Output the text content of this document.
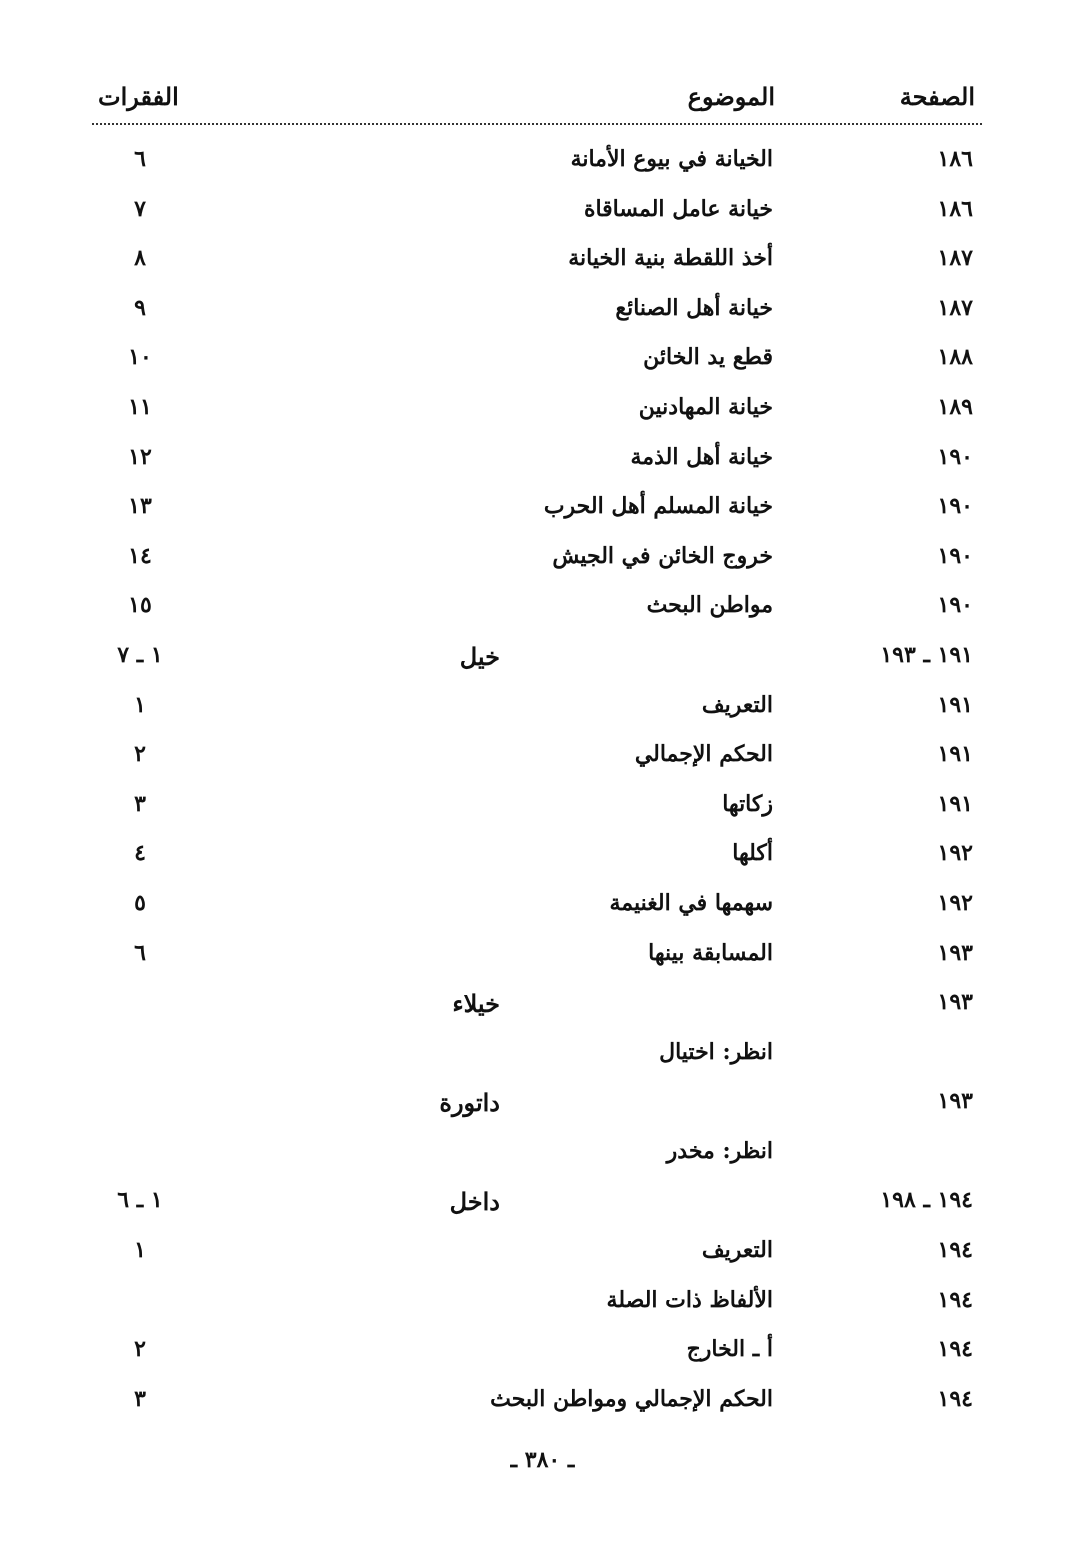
الصفحة
الموضوع
الفقرات
١٨٦
الخيانة في بيوع الأمانة
٦
١٨٦
خيانة عامل المساقاة
٧
١٨٧
أخذ اللقطة بنية الخيانة
٨
١٨٧
خيانة أهل الصنائع
٩
١٨٨
قطع يد الخائن
١٠
١٨٩
خيانة المهادنين
١١
١٩٠
خيانة أهل الذمة
١٢
١٩٠
خيانة المسلم أهل الحرب
١٣
١٩٠
خروج الخائن في الجيش
١٤
١٩٠
مواطن البحث
١٥
١٩١ ـ ١٩٣
خيل
١ ـ ٧
١٩١
التعريف
١
١٩١
الحكم الإجمالي
٢
١٩١
زكاتها
٣
١٩٢
أكلها
٤
١٩٢
سهمها في الغنيمة
٥
١٩٣
المسابقة بينها
٦
١٩٣
خيلاء
انظر: اختيال
١٩٣
داتورة
انظر: مخدر
١٩٤ ـ ١٩٨
داخل
١ ـ ٦
١٩٤
التعريف
١
١٩٤
الألفاظ ذات الصلة
١٩٤
أ ـ الخارج
٢
١٩٤
الحكم الإجمالي ومواطن البحث
٣
ـ ٣٨٠ ـ
